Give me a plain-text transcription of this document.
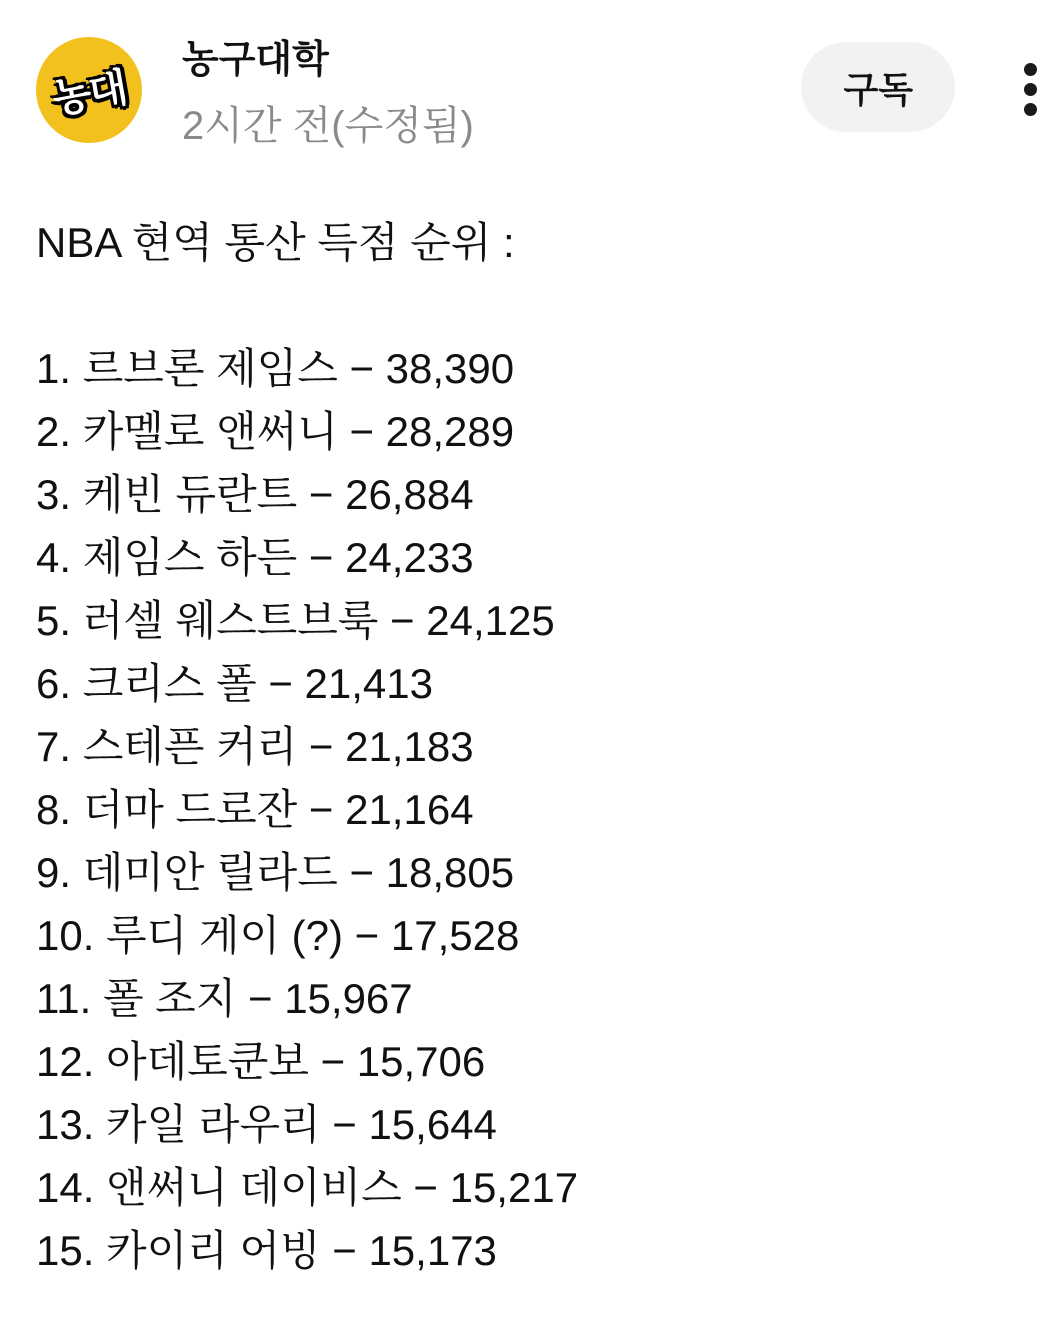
농대
농구대학
2시간 전(수정됨)
구독

NBA 현역 통산 득점 순위 :

1. 르브론 제임스 − 38,390
2. 카멜로 앤써니 − 28,289
3. 케빈 듀란트 − 26,884
4. 제임스 하든 − 24,233
5. 러셀 웨스트브룩 − 24,125
6. 크리스 폴 − 21,413
7. 스테픈 커리 − 21,183
8. 더마 드로잔 − 21,164
9. 데미안 릴라드 − 18,805
10. 루디 게이 (?) − 17,528
11. 폴 조지 − 15,967
12. 아데토쿤보 − 15,706
13. 카일 라우리 − 15,644
14. 앤써니 데이비스 − 15,217
15. 카이리 어빙 − 15,173
